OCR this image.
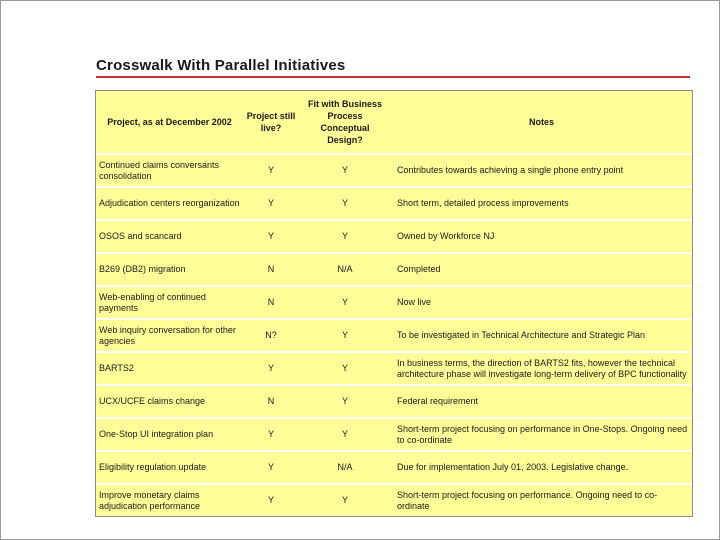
Crosswalk With Parallel Initiatives
Project, as at December 2002	Project still live?	Fit with Business Process Conceptual Design?	Notes
Continued claims conversants consolidation	Y	Y	Contributes towards achieving a single phone entry point
Adjudication centers reorganization	Y	Y	Short term, detailed process improvements
OSOS and scancard	Y	Y	Owned by Workforce NJ
B269 (DB2) migration	N	N/A	Completed
Web-enabling of continued payments	N	Y	Now live
Web inquiry conversation for other agencies	N?	Y	To be investigated in Technical Architecture and Strategic Plan
BARTS2	Y	Y	In business terms, the direction of BARTS2 fits, however the technical architecture phase will investigate long-term delivery of BPC functionality
UCX/UCFE claims change	N	Y	Federal requirement
One-Stop UI integration plan	Y	Y	Short-term project focusing on performance in One-Stops. Ongoing need to co-ordinate
Eligibility regulation update	Y	N/A	Due for implementation July 01, 2003. Legislative change.
Improve monetary claims adjudication performance	Y	Y	Short-term project focusing on performance. Ongoing need to co-ordinate
